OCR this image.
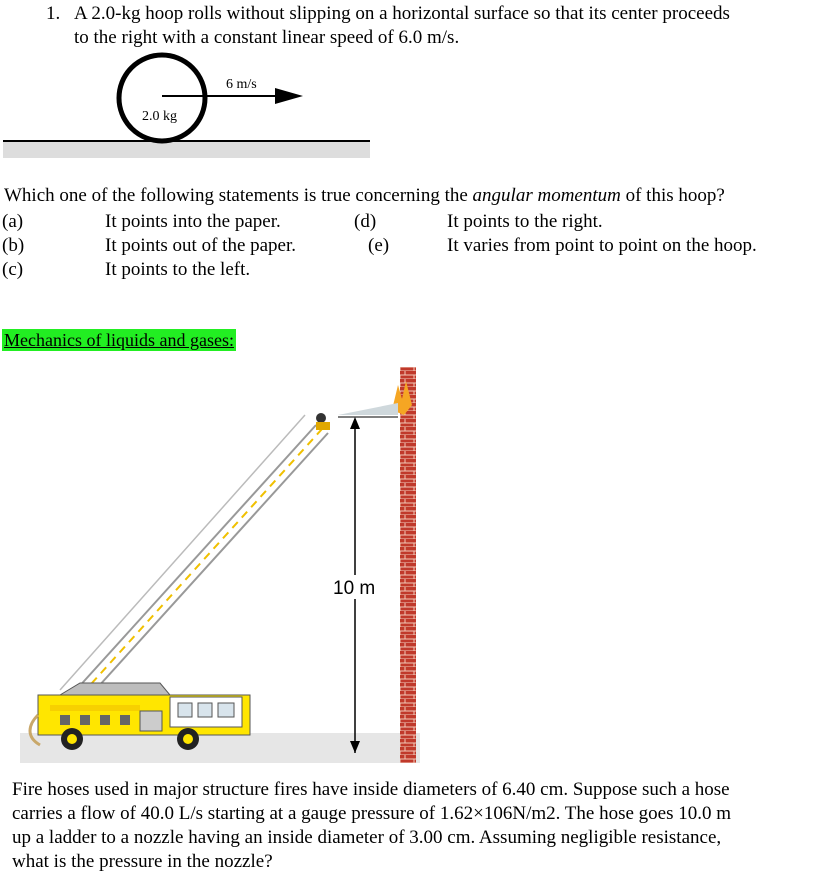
1. A 2.0-kg hoop rolls without slipping on a horizontal surface so that its center proceeds
to the right with a constant linear speed of 6.0 m/s.
6 m/s
2.0 kg
Which one of the following statements is true concerning the angular momentum of this hoop?
(a)	It points into the paper.
(b)	It points out of the paper.
(c)	It points to the left.
(d)	It points to the right.
(e)	It varies from point to point on the hoop.
Mechanics of liquids and gases:
10 m
Fire hoses used in major structure fires have inside diameters of 6.40 cm. Suppose such a hose
carries a flow of 40.0 L/s starting at a gauge pressure of 1.62×106N/m2. The hose goes 10.0 m
up a ladder to a nozzle having an inside diameter of 3.00 cm. Assuming negligible resistance,
what is the pressure in the nozzle?
